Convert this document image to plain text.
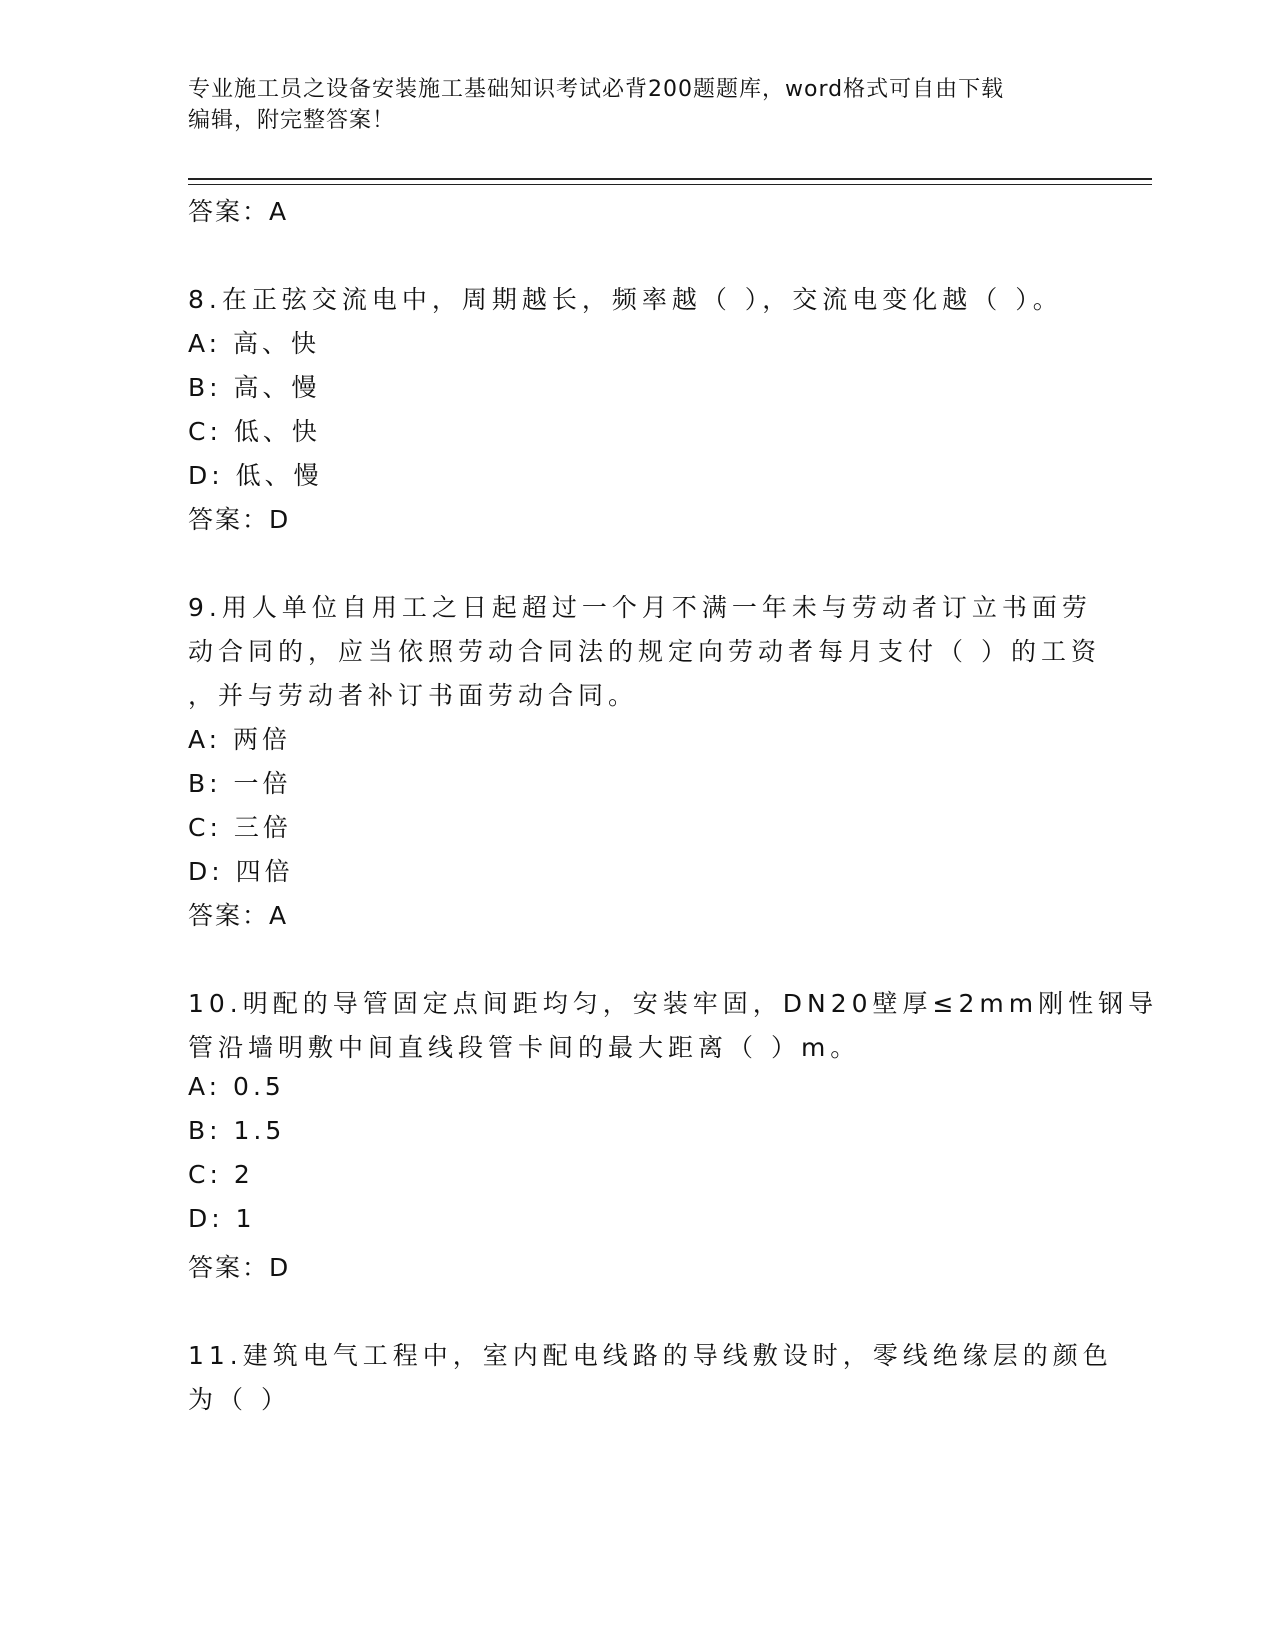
专业施工员之设备安装施工基础知识考试必背200题题库，word格式可自由下载
编辑，附完整答案！
答案：A
8.在正弦交流电中，周期越长，频率越（ ），交流电变化越（ ）。
A: 高、快
B: 高、慢
C: 低、快
D: 低、慢
答案：D
9.用人单位自用工之日起超过一个月不满一年未与劳动者订立书面劳
动合同的，应当依照劳动合同法的规定向劳动者每月支付（ ）的工资
，并与劳动者补订书面劳动合同。
A: 两倍
B: 一倍
C: 三倍
D: 四倍
答案：A
10.明配的导管固定点间距均匀，安装牢固，DN20壁厚≤2mm刚性钢导
管沿墙明敷中间直线段管卡间的最大距离（ ）m。
A: 0.5
B: 1.5
C: 2
D: 1
答案：D
11.建筑电气工程中，室内配电线路的导线敷设时，零线绝缘层的颜色
为（ ）
